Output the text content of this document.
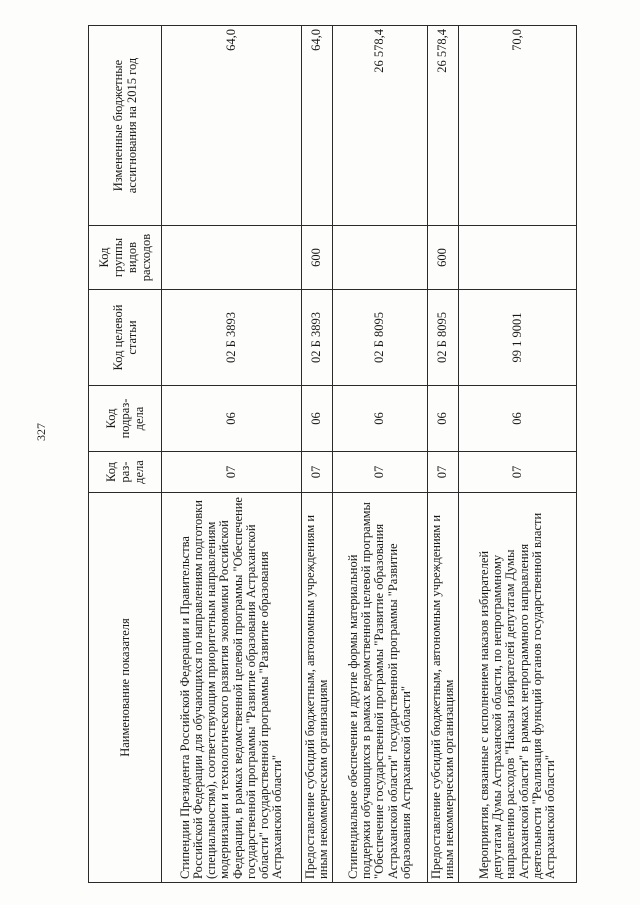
327
Наименование показателя	Код раз-дела	Код подраз-дела	Код целевой статьи	Код группы видов расходов	Измененные бюджетные ассигнования на 2015 год
Стипендии Президента Российской Федерации и Правительства Российской Федерации для обучающихся по направлениям подготовки (специальностям), соответствующим приоритетным направлениям модернизации и технологического развития экономики Российской Федерации, в рамках ведомственной целевой программы "Обеспечение государственной программы "Развитие образования Астраханской области" государственной программы "Развитие образования Астраханской области"	07	06	02 Б 3893		64,0
Предоставление субсидий бюджетным, автономным учреждениям и иным некоммерческим организациям	07	06	02 Б 3893	600	64,0
Стипендиальное обеспечение и другие формы материальной поддержки обучающихся в рамках ведомственной целевой программы "Обеспечение государственной программы "Развитие образования Астраханской области" государственной программы "Развитие образования Астраханской области"	07	06	02 Б 8095		26 578,4
Предоставление субсидий бюджетным, автономным учреждениям и иным некоммерческим организациям	07	06	02 Б 8095	600	26 578,4
Мероприятия, связанные с исполнением наказов избирателей депутатам Думы Астраханской области, по непрограммному направлению расходов "Наказы избирателей депутатам Думы Астраханской области" в рамках непрограммного направления деятельности "Реализация функций органов государственной власти Астраханской области"	07	06	99 1 9001		70,0
